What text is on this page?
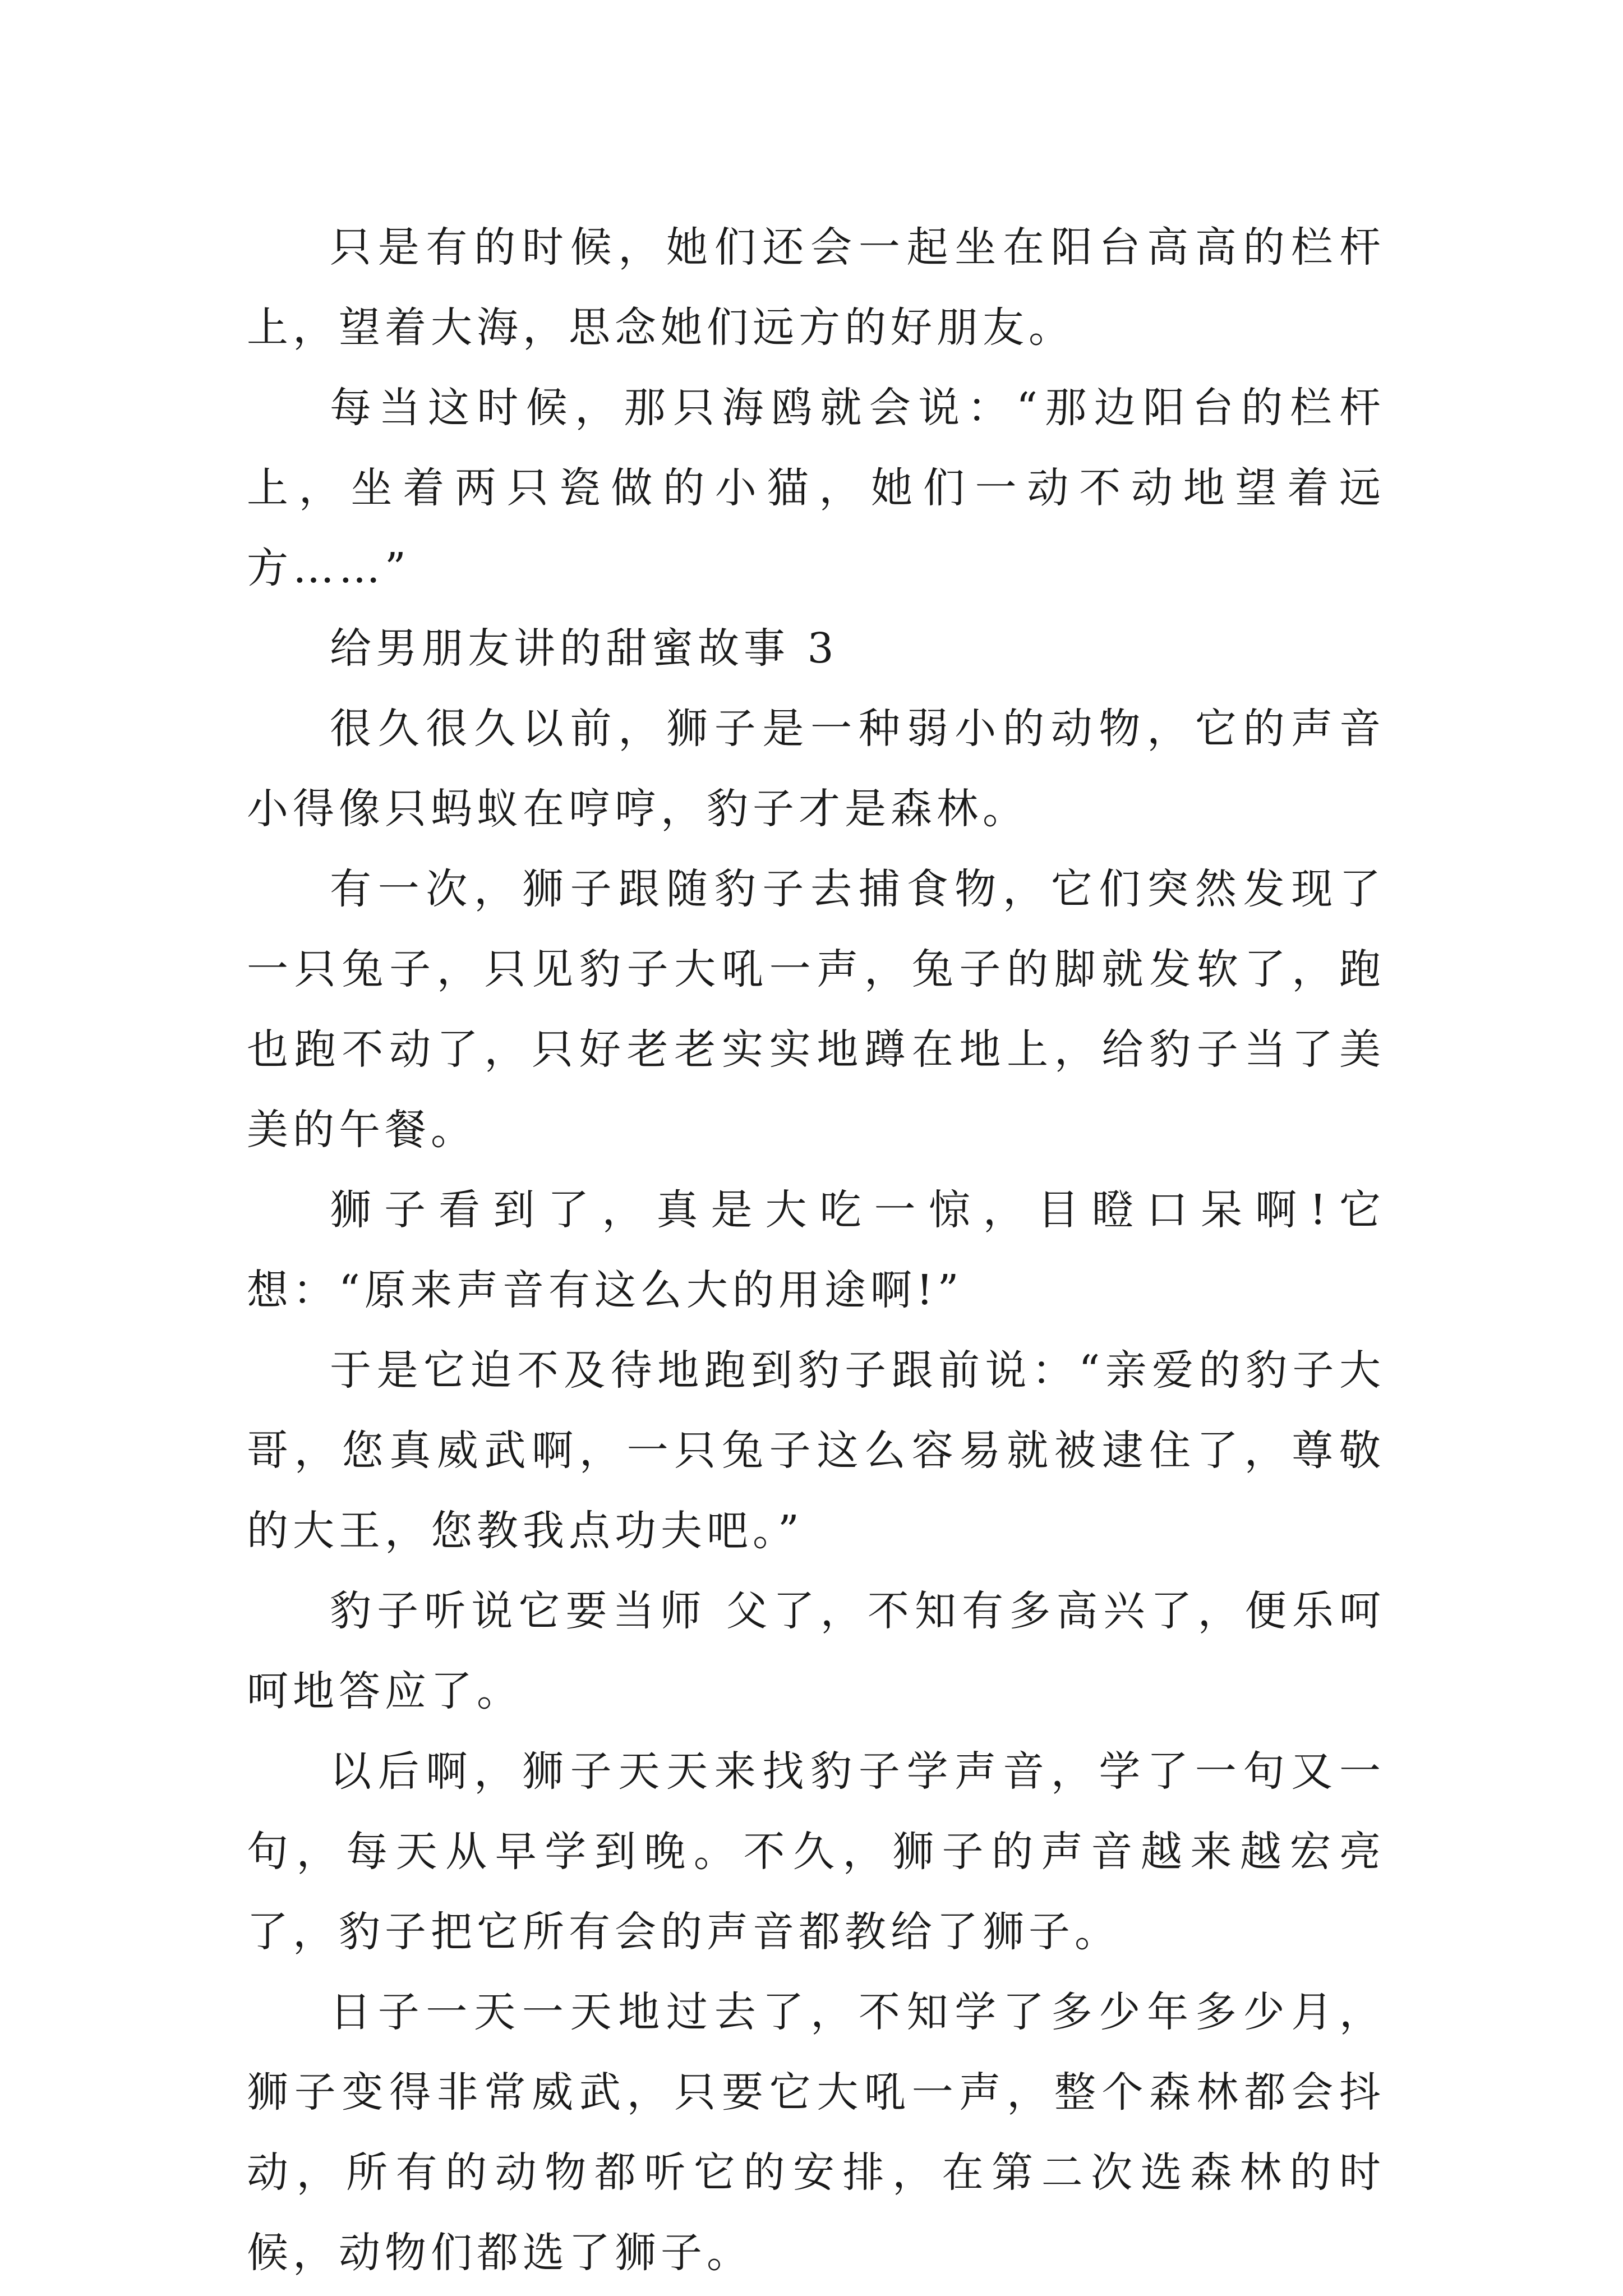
只是有的时候，她们还会一起坐在阳台高高的栏杆上，望着大海，思念她们远方的好朋友。

每当这时候，那只海鸥就会说：“那边阳台的栏杆上，坐着两只瓷做的小猫，她们一动不动地望着远方……”

给男朋友讲的甜蜜故事 3

很久很久以前，狮子是一种弱小的动物，它的声音小得像只蚂蚁在哼哼，豹子才是森林。

有一次，狮子跟随豹子去捕食物，它们突然发现了一只兔子，只见豹子大吼一声，兔子的脚就发软了，跑也跑不动了，只好老老实实地蹲在地上，给豹子当了美美的午餐。

狮子看到了，真是大吃一惊，目瞪口呆啊!它想：“原来声音有这么大的用途啊!”

于是它迫不及待地跑到豹子跟前说：“亲爱的豹子大哥，您真威武啊，一只兔子这么容易就被逮住了，尊敬的大王，您教我点功夫吧。”

豹子听说它要当师 父了，不知有多高兴了，便乐呵呵地答应了。

以后啊，狮子天天来找豹子学声音，学了一句又一句，每天从早学到晚。不久，狮子的声音越来越宏亮了，豹子把它所有会的声音都教给了狮子。

日子一天一天地过去了，不知学了多少年多少月，狮子变得非常威武，只要它大吼一声，整个森林都会抖动，所有的动物都听它的安排，在第二次选森林的时候，动物们都选了狮子。
